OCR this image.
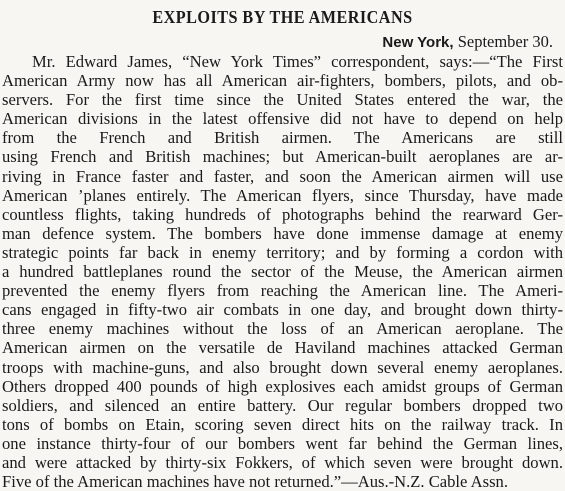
EXPLOITS BY THE AMERICANS
New York, September 30.
Mr. Edward James, “New York Times” correspondent, says:—“The First
American Army now has all American air-fighters, bombers, pilots, and ob-
servers. For the first time since the United States entered the war, the
American divisions in the latest offensive did not have to depend on help
from the French and British airmen. The Americans are still
using French and British machines; but American-built aeroplanes are ar-
riving in France faster and faster, and soon the American airmen will use
American ’planes entirely. The American flyers, since Thursday, have made
countless flights, taking hundreds of photographs behind the rearward Ger-
man defence system. The bombers have done immense damage at enemy
strategic points far back in enemy territory; and by forming a cordon with
a hundred battleplanes round the sector of the Meuse, the American airmen
prevented the enemy flyers from reaching the American line. The Ameri-
cans engaged in fifty-two air combats in one day, and brought down thirty-
three enemy machines without the loss of an American aeroplane. The
American airmen on the versatile de Haviland machines attacked German
troops with machine-guns, and also brought down several enemy aeroplanes.
Others dropped 400 pounds of high explosives each amidst groups of German
soldiers, and silenced an entire battery. Our regular bombers dropped two
tons of bombs on Etain, scoring seven direct hits on the railway track. In
one instance thirty-four of our bombers went far behind the German lines,
and were attacked by thirty-six Fokkers, of which seven were brought down.
Five of the American machines have not returned.”—Aus.-N.Z. Cable Assn.
